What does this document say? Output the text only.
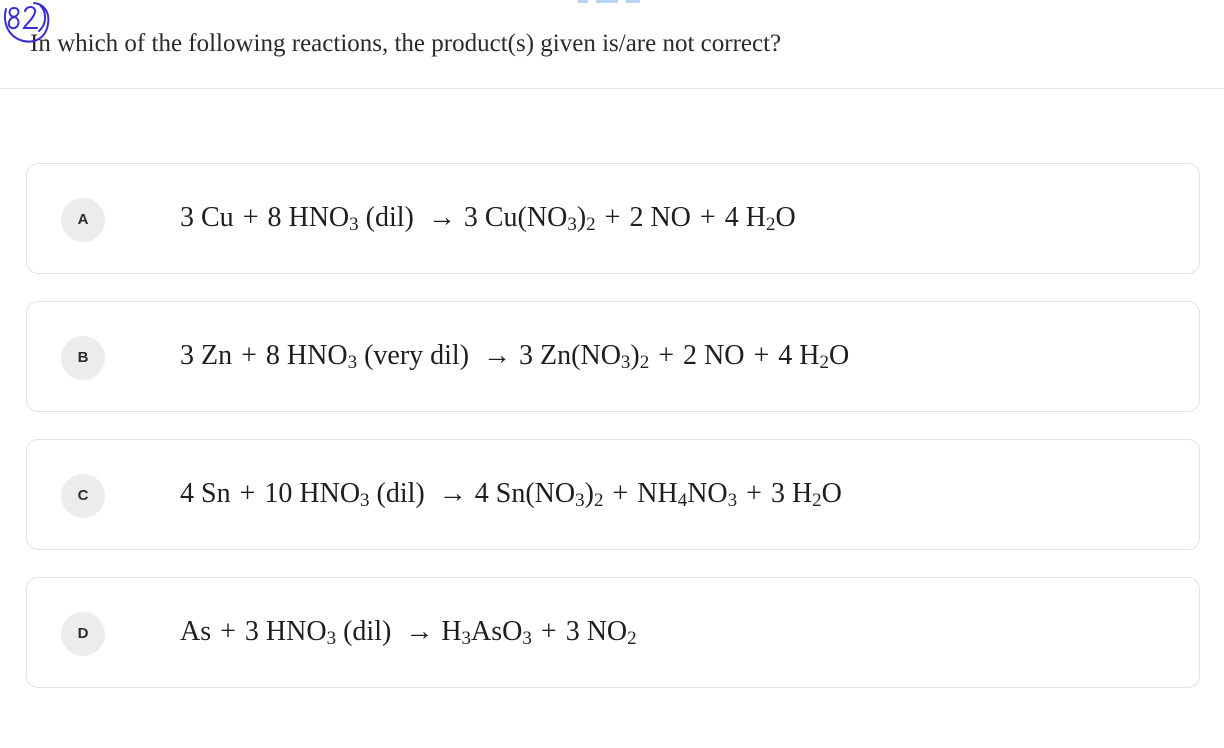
In which of the following reactions, the product(s) given is/are not correct?
A	3 Cu + 8 $HNO_3$ (dil) → 3 $Cu(NO_3)_2 + 2$ NO + 4 $H_2O$
B	3 Zn + 8 $HNO_3$ (very dil) → 3 $Zn(NO_3)_2 + 2$ NO + 4 $H_2O$
C	4 Sn + 10 $HNO_3$ (dil) → 4 $Sn(NO_3)_2 + NH_4NO_3 + 3$ $H_2O$
D	As + 3 $HNO_3$ $(dil) \to H_3AsO_3 + 3$ $NO_2$
